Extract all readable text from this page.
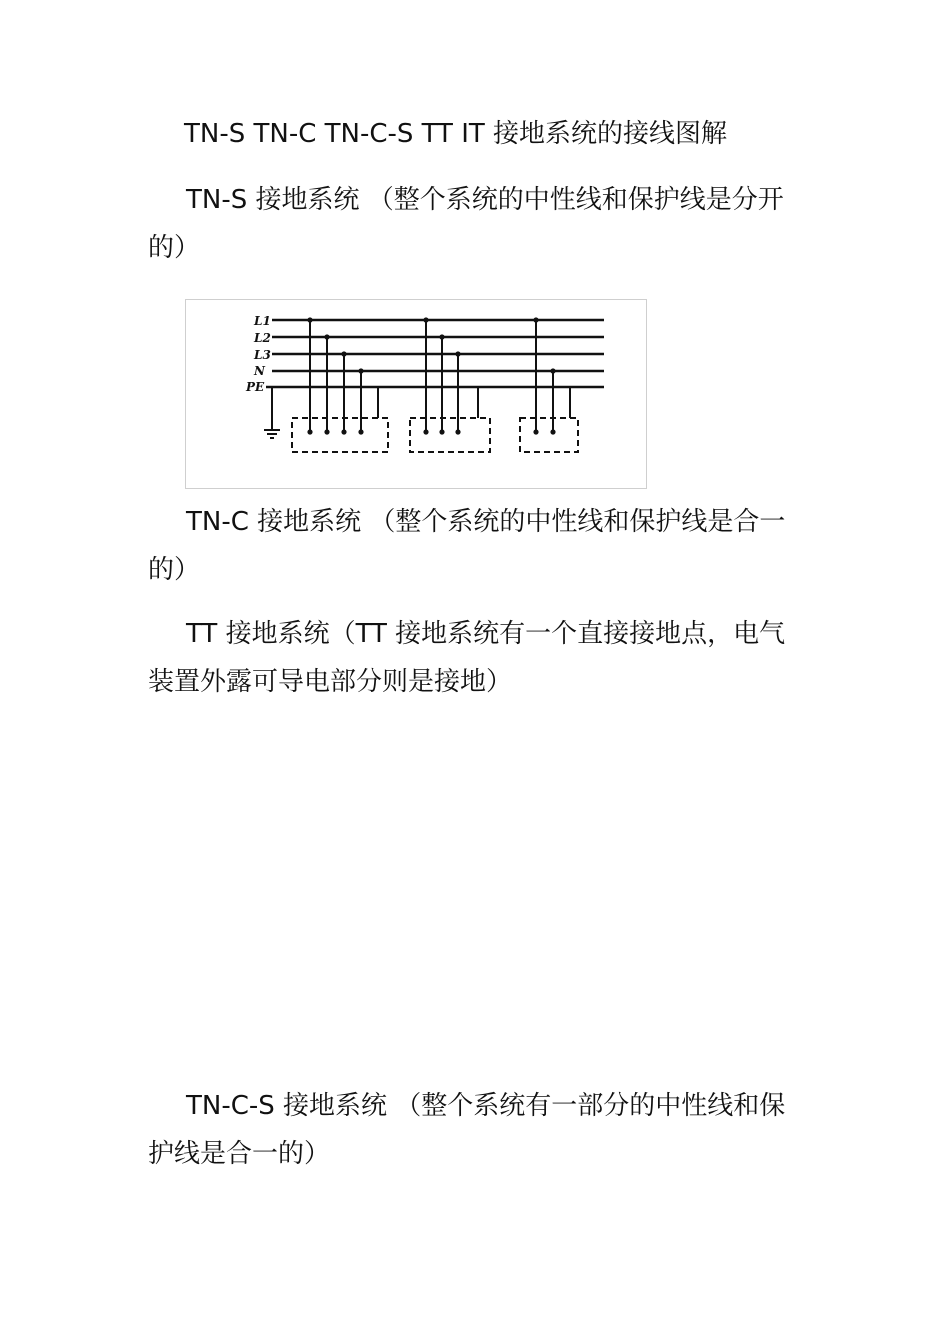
TN-S TN-C TN-C-S TT IT 接地系统的接线图解

TN-S 接地系统 （整个系统的中性线和保护线是分开的）

L1
L2
L3
N
PE

TN-C 接地系统 （整个系统的中性线和保护线是合一的）

TT 接地系统（TT 接地系统有一个直接接地点，电气装置外露可导电部分则是接地）

TN-C-S 接地系统 （整个系统有一部分的中性线和保护线是合一的）
